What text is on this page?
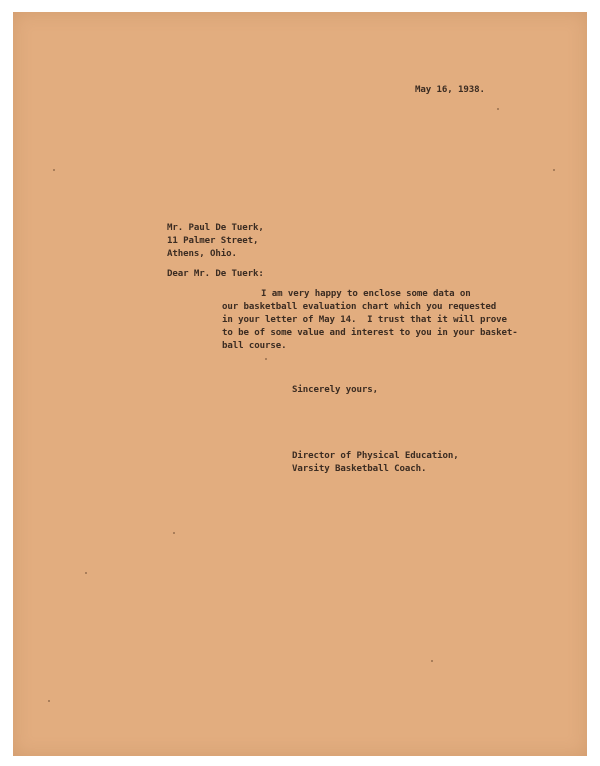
May 16, 1938.

Mr. Paul De Tuerk,

11 Palmer Street,

Athens, Ohio.

Dear Mr. De Tuerk:

I am very happy to enclose some data on

our basketball evaluation chart which you requested

in your letter of May 14.  I trust that it will prove

to be of some value and interest to you in your basket-

ball course.

Sincerely yours,

Director of Physical Education,

Varsity Basketball Coach.
